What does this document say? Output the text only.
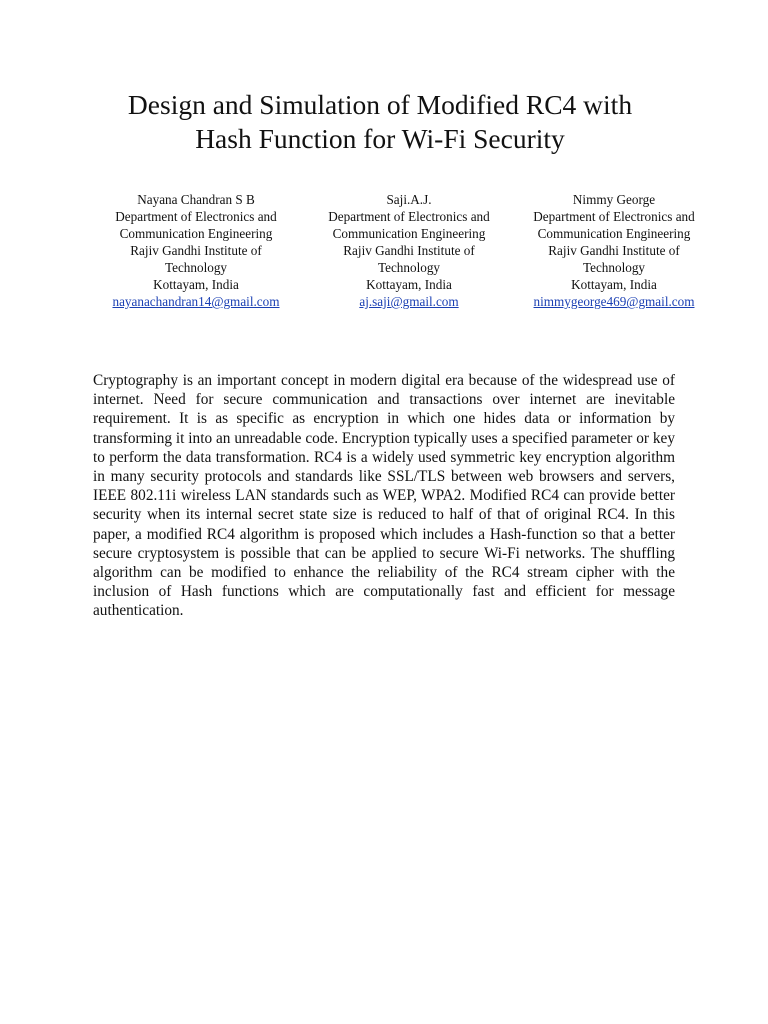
Design and Simulation of Modified RC4 with
Hash Function for Wi-Fi Security
Nayana Chandran S B
Department of Electronics and
Communication Engineering
Rajiv Gandhi Institute of
Technology
Kottayam, India
nayanachandran14@gmail.com
Saji.A.J.
Department of Electronics and
Communication Engineering
Rajiv Gandhi Institute of
Technology
Kottayam, India
aj.saji@gmail.com
Nimmy George
Department of Electronics and
Communication Engineering
Rajiv Gandhi Institute of
Technology
Kottayam, India
nimmygeorge469@gmail.com
Cryptography is an important concept in modern digital era because of the widespread use of internet. Need for secure communication and transactions over internet are inevitable requirement. It is as specific as encryption in which one hides data or information by transforming it into an unreadable code. Encryption typically uses a specified parameter or key to perform the data transformation. RC4 is a widely used symmetric key encryption algorithm in many security protocols and standards like SSL/TLS between web browsers and servers, IEEE 802.11i wireless LAN standards such as WEP, WPA2. Modified RC4 can provide better security when its internal secret state size is reduced to half of that of original RC4. In this paper, a modified RC4 algorithm is proposed which includes a Hash-function so that a better secure cryptosystem is possible that can be applied to secure Wi-Fi networks. The shuffling algorithm can be modified to enhance the reliability of the RC4 stream cipher with the inclusion of Hash functions which are computationally fast and efficient for message authentication.
